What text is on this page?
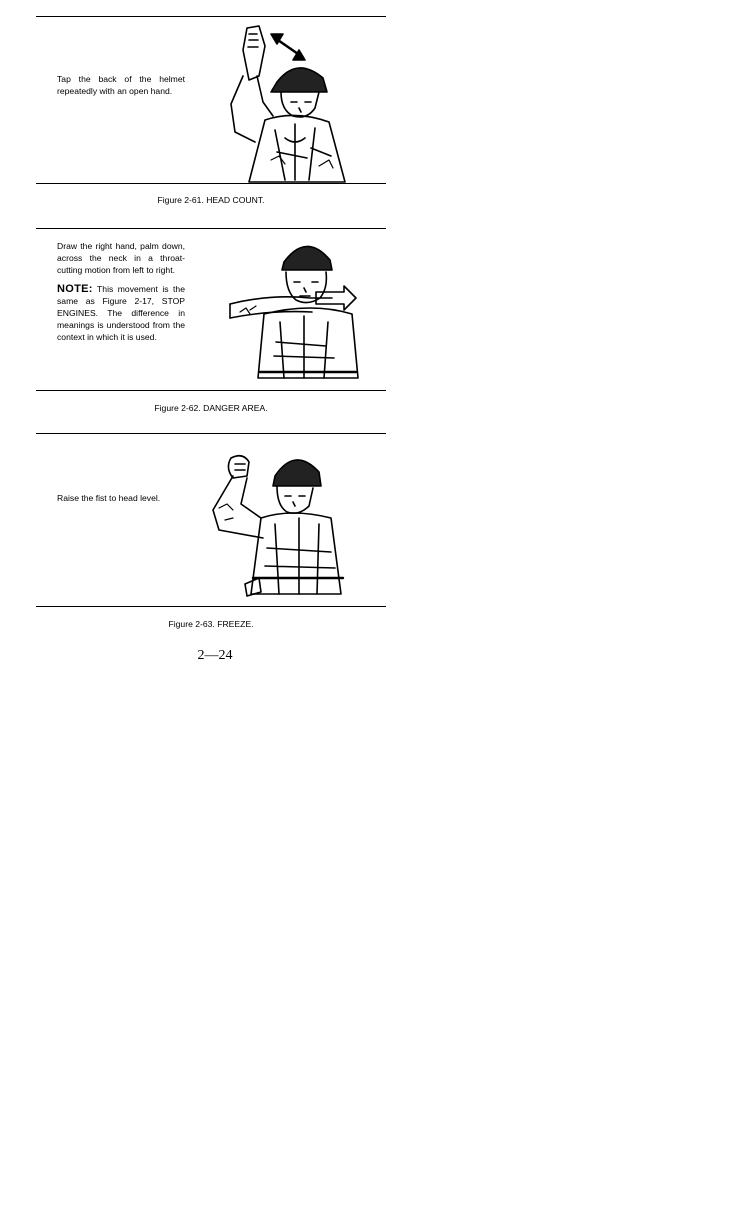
Tap the back of the helmet repeatedly with an open hand.

Figure 2-61. HEAD COUNT.

Draw the right hand, palm down, across the neck in a throat-cutting motion from left to right.

NOTE: This movement is the same as Figure 2-17, STOP ENGINES. The difference in meanings is understood from the context in which it is used.

Figure 2-62. DANGER AREA.

Raise the fist to head level.

Figure 2-63. FREEZE.
2—24
